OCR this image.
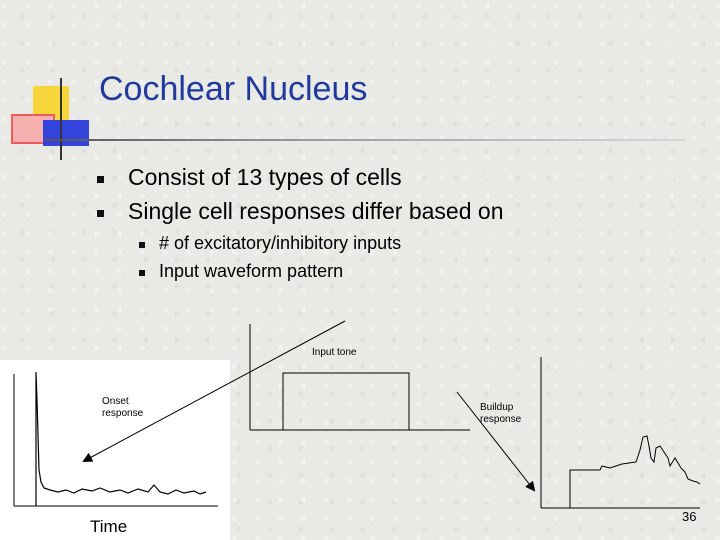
Cochlear Nucleus
Consist of 13 types of cells
Single cell responses differ based on
# of excitatory/inhibitory inputs
Input waveform pattern
Input tone
Onset
response
Time
Buildup
response
36
